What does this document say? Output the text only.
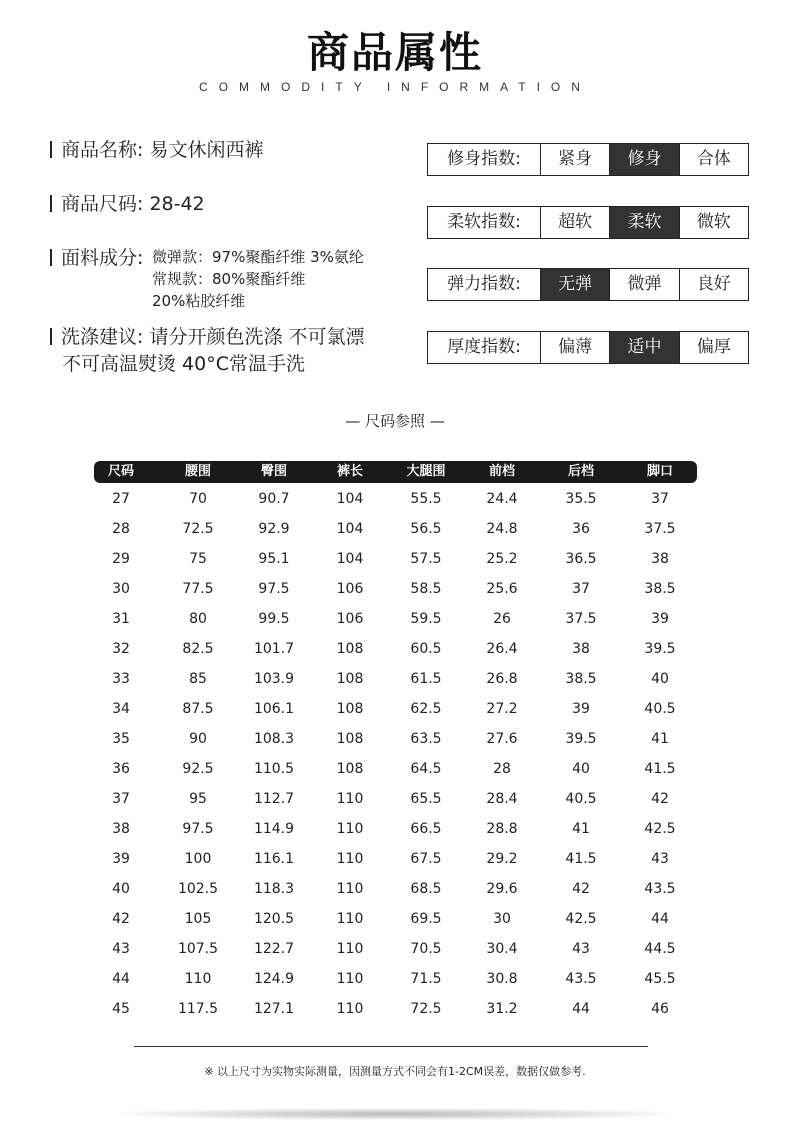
商品属性
COMMODITY INFORMATION
商品名称: 易文休闲西裤
商品尺码: 28-42
面料成分: 微弹款：97%聚酯纤维 3%氨纶
常规款：80%聚酯纤维
20%粘胶纤维
洗涤建议: 请分开颜色洗涤 不可氯漂
不可高温熨烫 40°C常温手洗
修身指数:	紧身	修身	合体
柔软指数:	超软	柔软	微软
弹力指数:	无弹	微弹	良好
厚度指数:	偏薄	适中	偏厚
— 尺码参照 —
尺码	腰围	臀围	裤长	大腿围	前档	后档	脚口
27	70	90.7	104	55.5	24.4	35.5	37
28	72.5	92.9	104	56.5	24.8	36	37.5
29	75	95.1	104	57.5	25.2	36.5	38
30	77.5	97.5	106	58.5	25.6	37	38.5
31	80	99.5	106	59.5	26	37.5	39
32	82.5	101.7	108	60.5	26.4	38	39.5
33	85	103.9	108	61.5	26.8	38.5	40
34	87.5	106.1	108	62.5	27.2	39	40.5
35	90	108.3	108	63.5	27.6	39.5	41
36	92.5	110.5	108	64.5	28	40	41.5
37	95	112.7	110	65.5	28.4	40.5	42
38	97.5	114.9	110	66.5	28.8	41	42.5
39	100	116.1	110	67.5	29.2	41.5	43
40	102.5	118.3	110	68.5	29.6	42	43.5
42	105	120.5	110	69.5	30	42.5	44
43	107.5	122.7	110	70.5	30.4	43	44.5
44	110	124.9	110	71.5	30.8	43.5	45.5
45	117.5	127.1	110	72.5	31.2	44	46
※ 以上尺寸为实物实际测量，因测量方式不同会有1-2CM误差，数据仅做参考.
